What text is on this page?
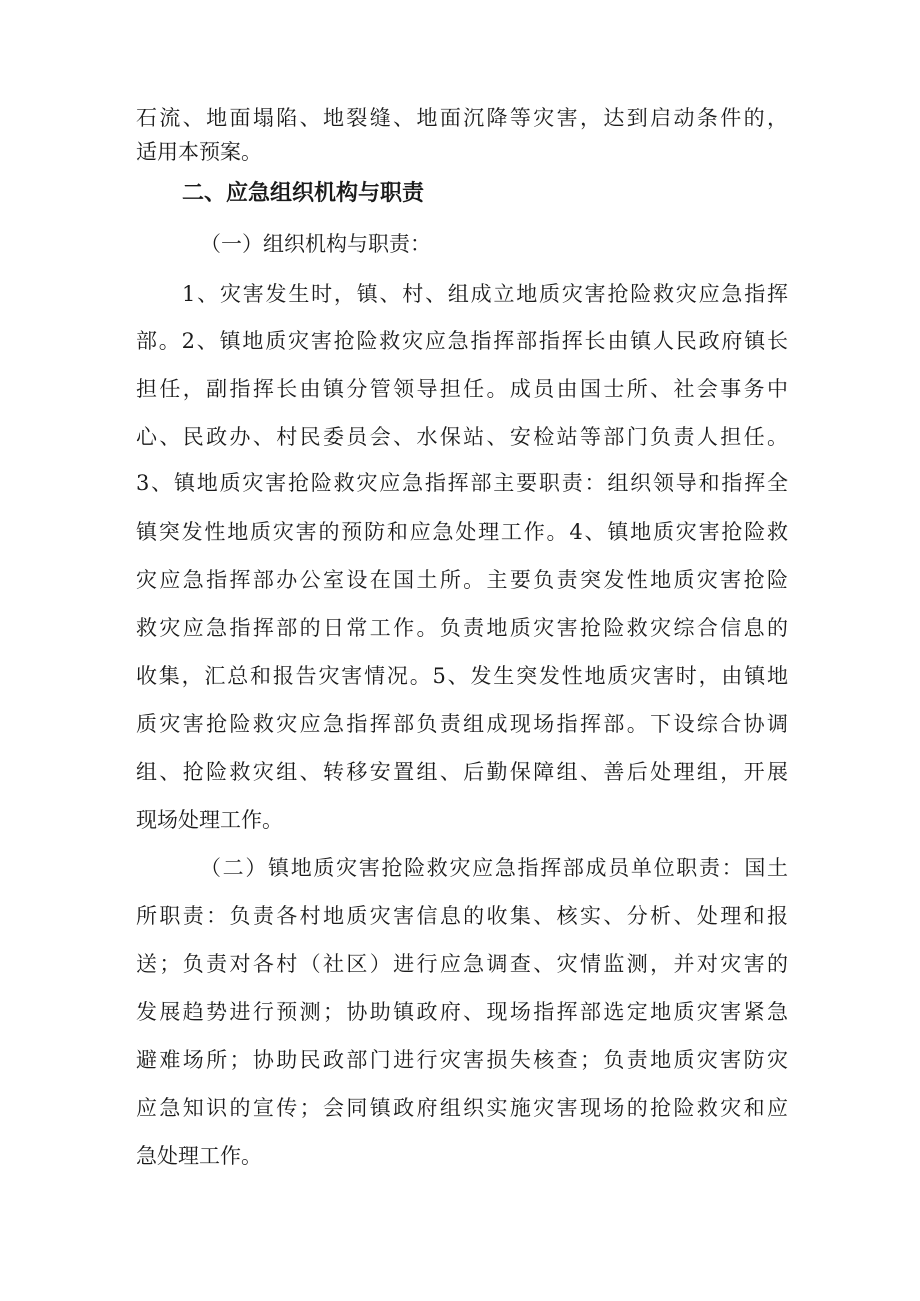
石流、地面塌陷、地裂缝、地面沉降等灾害，达到启动条件的，
适用本预案。
二、应急组织机构与职责
（一）组织机构与职责：
1、灾害发生时，镇、村、组成立地质灾害抢险救灾应急指挥
部。2、镇地质灾害抢险救灾应急指挥部指挥长由镇人民政府镇长
担任，副指挥长由镇分管领导担任。成员由国士所、社会事务中
心、民政办、村民委员会、水保站、安检站等部门负责人担任。
3、镇地质灾害抢险救灾应急指挥部主要职责：组织领导和指挥全
镇突发性地质灾害的预防和应急处理工作。4、镇地质灾害抢险救
灾应急指挥部办公室设在国土所。主要负责突发性地质灾害抢险
救灾应急指挥部的日常工作。负责地质灾害抢险救灾综合信息的
收集，汇总和报告灾害情况。5、发生突发性地质灾害时，由镇地
质灾害抢险救灾应急指挥部负责组成现场指挥部。下设综合协调
组、抢险救灾组、转移安置组、后勤保障组、善后处理组，开展
现场处理工作。
（二）镇地质灾害抢险救灾应急指挥部成员单位职责：国土
所职责：负责各村地质灾害信息的收集、核实、分析、处理和报
送；负责对各村（社区）进行应急调查、灾情监测，并对灾害的
发展趋势进行预测；协助镇政府、现场指挥部选定地质灾害紧急
避难场所；协助民政部门进行灾害损失核查；负责地质灾害防灾
应急知识的宣传；会同镇政府组织实施灾害现场的抢险救灾和应
急处理工作。
